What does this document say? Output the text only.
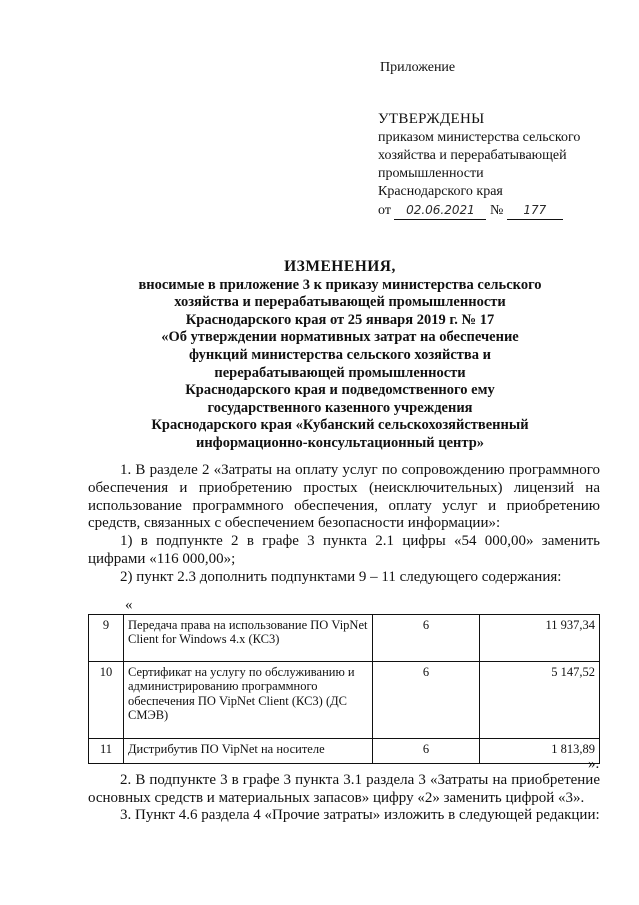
Приложение
УТВЕРЖДЕНЫ
приказом министерства сельского
хозяйства и перерабатывающей
промышленности
Краснодарского края
от 02.06.2021 № 177
ИЗМЕНЕНИЯ,
вносимые в приложение 3 к приказу министерства сельского
хозяйства и перерабатывающей промышленности
Краснодарского края от 25 января 2019 г. № 17
«Об утверждении нормативных затрат на обеспечение
функций министерства сельского хозяйства и
перерабатывающей промышленности
Краснодарского края и подведомственного ему
государственного казенного учреждения
Краснодарского края «Кубанский сельскохозяйственный
информационно-консультационный центр»

1. В разделе 2 «Затраты на оплату услуг по сопровождению программного обеспечения и приобретению простых (неисключительных) лицензий на использование программного обеспечения, оплату услуг и приобретению средств, связанных с обеспечением безопасности информации»:

1) в подпункте 2 в графе 3 пункта 2.1 цифры «54 000,00» заменить цифрами «116 000,00»;

2) пункт 2.3 дополнить подпунктами 9 – 11 следующего содержания:

«
9	Передача права на использование ПО VipNet Client for Windows 4.x (КС3)	6	11 937,34
10	Сертификат на услугу по обслуживанию и администрированию программного обеспечения ПО VipNet Client (КС3) (ДС СМЭВ)	6	5 147,52
11	Дистрибутив ПО VipNet на носителе	6	1 813,89
».

2. В подпункте 3 в графе 3 пункта 3.1 раздела 3 «Затраты на приобретение основных средств и материальных запасов» цифру «2» заменить цифрой «3».

3. Пункт 4.6 раздела 4 «Прочие затраты» изложить в следующей редакции:
